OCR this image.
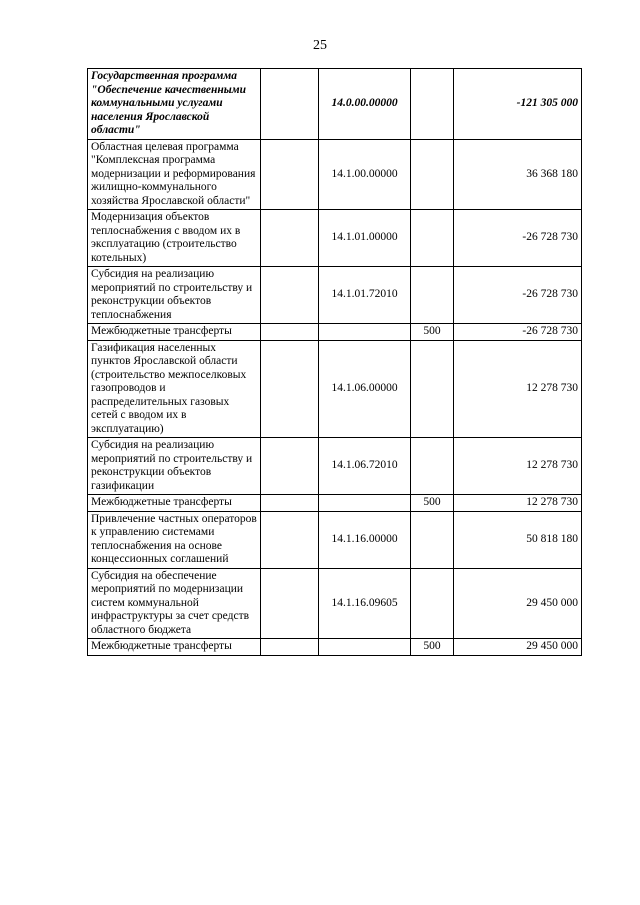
25
Государственная программа "Обеспечение качественными коммунальными услугами населения Ярославской области"		14.0.00.00000		-121 305 000
Областная целевая программа "Комплексная программа модернизации и реформирования жилищно-коммунального хозяйства Ярославской области"		14.1.00.00000		36 368 180
Модернизация объектов теплоснабжения с вводом их в эксплуатацию (строительство котельных)		14.1.01.00000		-26 728 730
Субсидия на реализацию мероприятий по строительству и реконструкции объектов теплоснабжения		14.1.01.72010		-26 728 730
Межбюджетные трансферты			500	-26 728 730
Газификация населенных пунктов Ярославской области (строительство межпоселковых газопроводов и распределительных газовых сетей с вводом их в эксплуатацию)		14.1.06.00000		12 278 730
Субсидия на реализацию мероприятий по строительству и реконструкции объектов газификации		14.1.06.72010		12 278 730
Межбюджетные трансферты			500	12 278 730
Привлечение частных операторов к управлению системами теплоснабжения на основе концессионных соглашений		14.1.16.00000		50 818 180
Субсидия на обеспечение мероприятий по модернизации систем коммунальной инфраструктуры за счет средств областного бюджета		14.1.16.09605		29 450 000
Межбюджетные трансферты			500	29 450 000
